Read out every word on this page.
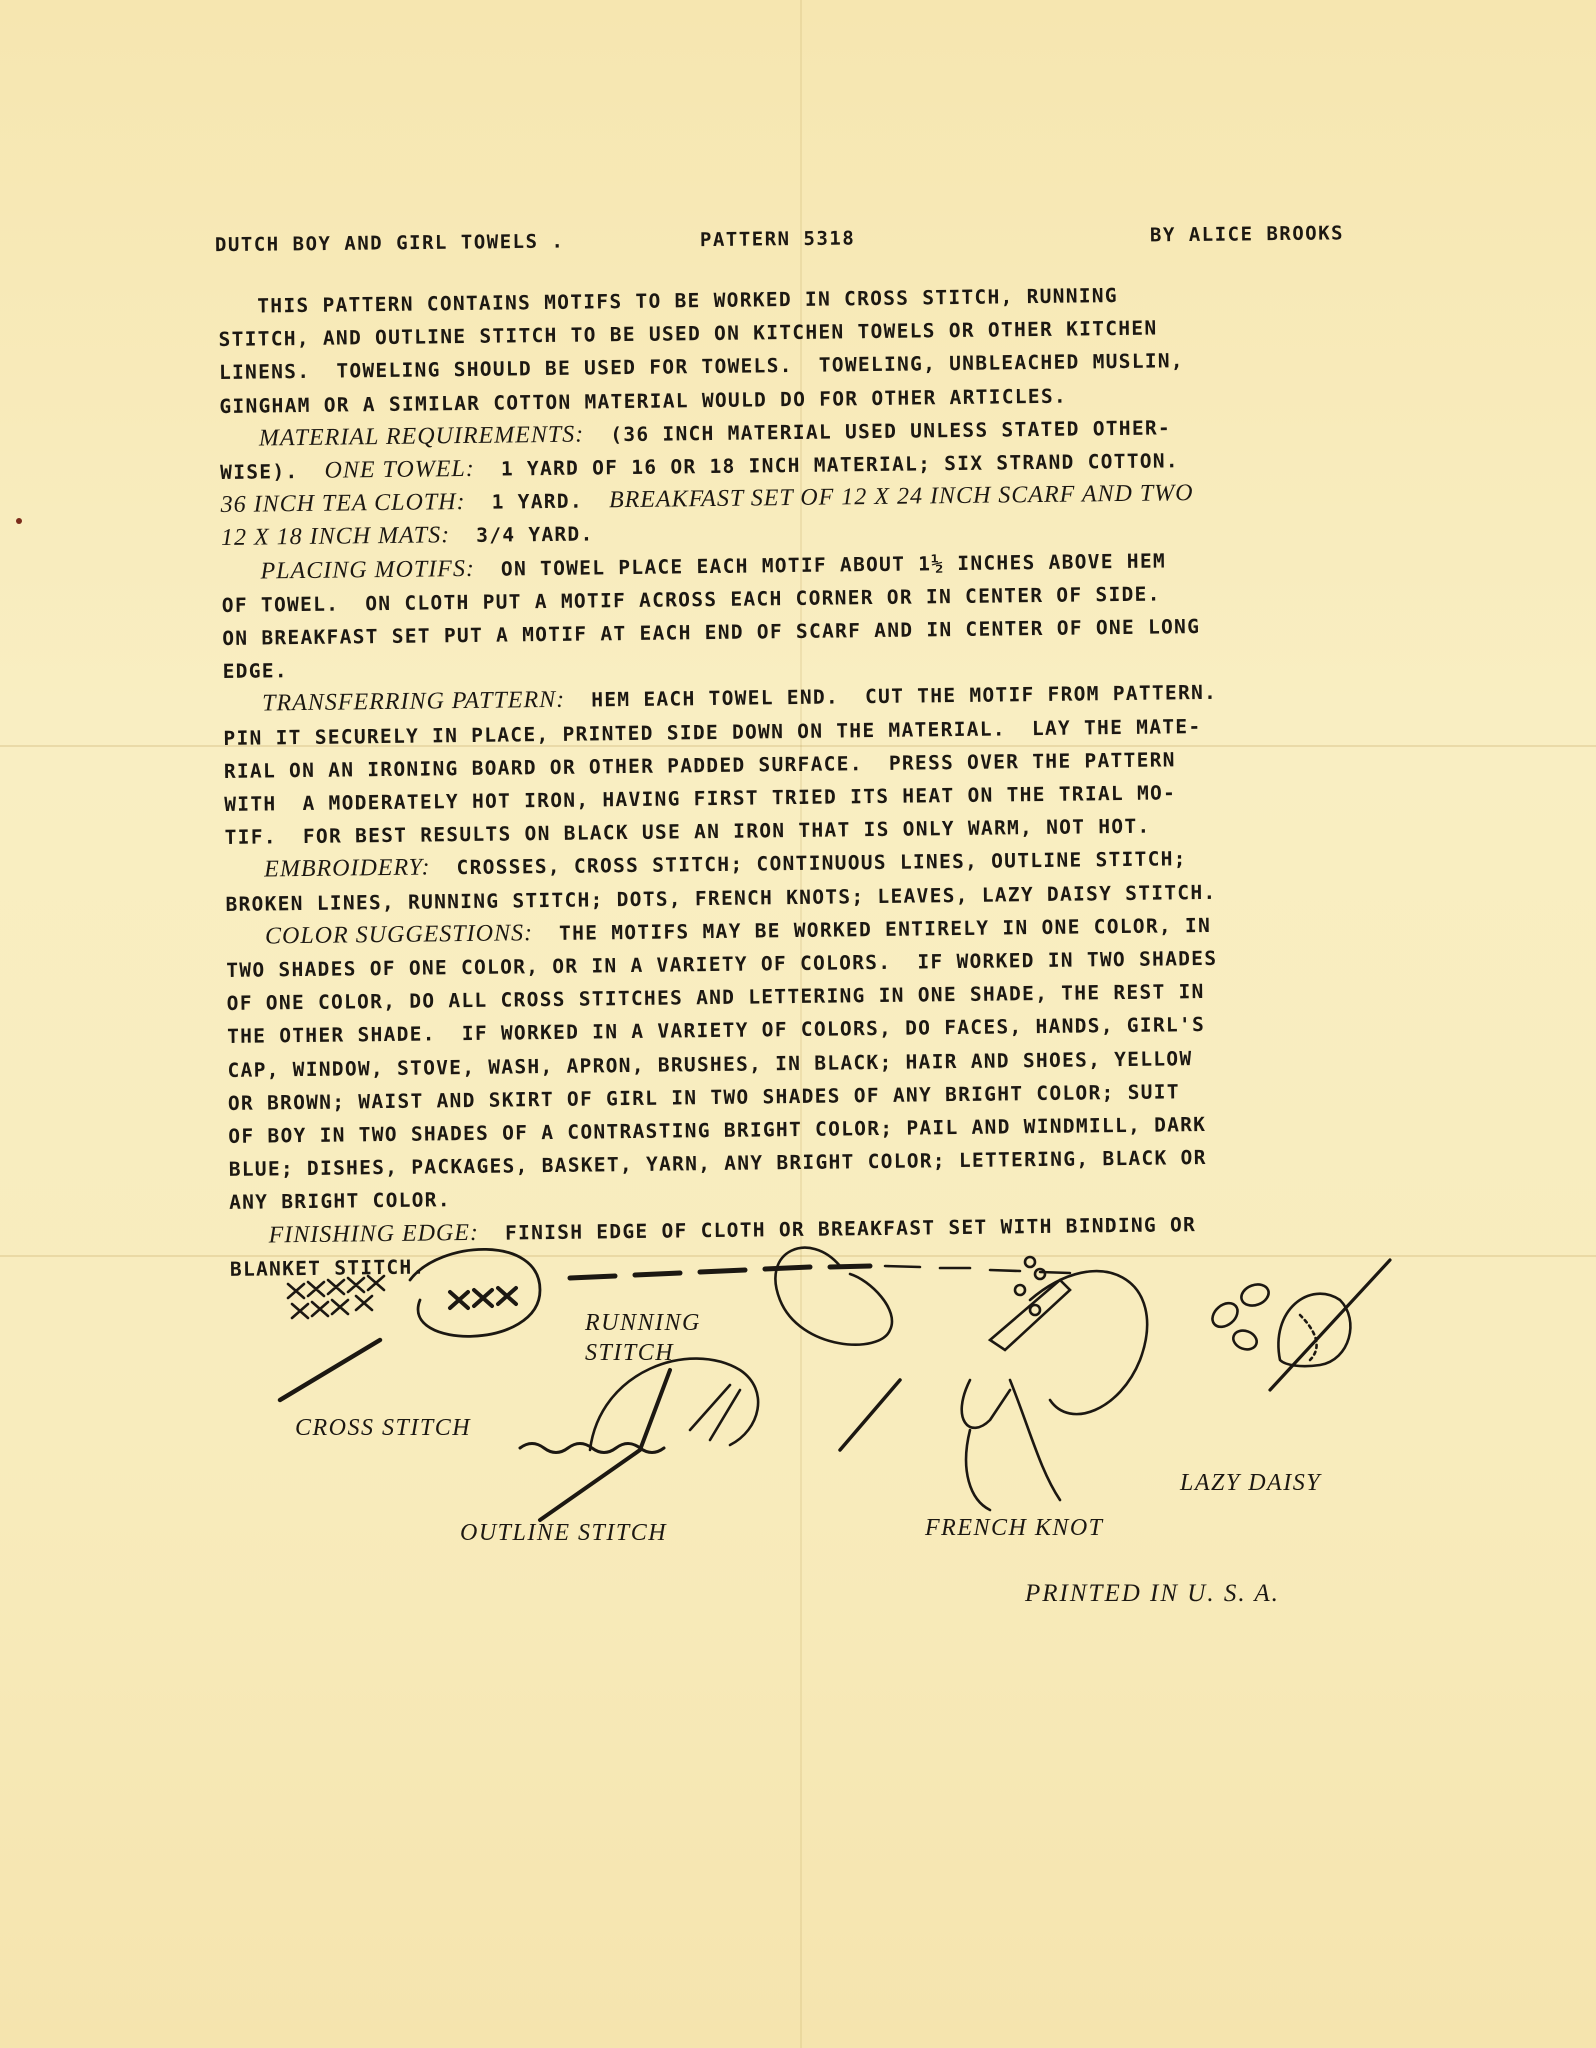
DUTCH BOY AND GIRL TOWELS .	PATTERN 5318	BY ALICE BROOKS
THIS PATTERN CONTAINS MOTIFS TO BE WORKED IN CROSS STITCH, RUNNING
STITCH, AND OUTLINE STITCH TO BE USED ON KITCHEN TOWELS OR OTHER KITCHEN
LINENS.  TOWELING SHOULD BE USED FOR TOWELS.  TOWELING, UNBLEACHED MUSLIN,
GINGHAM OR A SIMILAR COTTON MATERIAL WOULD DO FOR OTHER ARTICLES.
MATERIAL REQUIREMENTS:  (36 INCH MATERIAL USED UNLESS STATED OTHER-
WISE).  ONE TOWEL:  1 YARD OF 16 OR 18 INCH MATERIAL; SIX STRAND COTTON.
36 INCH TEA CLOTH:  1 YARD.  BREAKFAST SET OF 12 X 24 INCH SCARF AND TWO
12 X 18 INCH MATS:  3/4 YARD.
PLACING MOTIFS:  ON TOWEL PLACE EACH MOTIF ABOUT 1½ INCHES ABOVE HEM
OF TOWEL.  ON CLOTH PUT A MOTIF ACROSS EACH CORNER OR IN CENTER OF SIDE.
ON BREAKFAST SET PUT A MOTIF AT EACH END OF SCARF AND IN CENTER OF ONE LONG
EDGE.
TRANSFERRING PATTERN:  HEM EACH TOWEL END.  CUT THE MOTIF FROM PATTERN.
PIN IT SECURELY IN PLACE, PRINTED SIDE DOWN ON THE MATERIAL.  LAY THE MATE-
RIAL ON AN IRONING BOARD OR OTHER PADDED SURFACE.  PRESS OVER THE PATTERN
WITH  A MODERATELY HOT IRON, HAVING FIRST TRIED ITS HEAT ON THE TRIAL MO-
TIF.  FOR BEST RESULTS ON BLACK USE AN IRON THAT IS ONLY WARM, NOT HOT.
EMBROIDERY:  CROSSES, CROSS STITCH; CONTINUOUS LINES, OUTLINE STITCH;
BROKEN LINES, RUNNING STITCH; DOTS, FRENCH KNOTS; LEAVES, LAZY DAISY STITCH.
COLOR SUGGESTIONS:  THE MOTIFS MAY BE WORKED ENTIRELY IN ONE COLOR, IN
TWO SHADES OF ONE COLOR, OR IN A VARIETY OF COLORS.  IF WORKED IN TWO SHADES
OF ONE COLOR, DO ALL CROSS STITCHES AND LETTERING IN ONE SHADE, THE REST IN
THE OTHER SHADE.  IF WORKED IN A VARIETY OF COLORS, DO FACES, HANDS, GIRL'S
CAP, WINDOW, STOVE, WASH, APRON, BRUSHES, IN BLACK; HAIR AND SHOES, YELLOW
OR BROWN; WAIST AND SKIRT OF GIRL IN TWO SHADES OF ANY BRIGHT COLOR; SUIT
OF BOY IN TWO SHADES OF A CONTRASTING BRIGHT COLOR; PAIL AND WINDMILL, DARK
BLUE; DISHES, PACKAGES, BASKET, YARN, ANY BRIGHT COLOR; LETTERING, BLACK OR
ANY BRIGHT COLOR.
FINISHING EDGE:  FINISH EDGE OF CLOTH OR BREAKFAST SET WITH BINDING OR
BLANKET STITCH.
CROSS STITCH
RUNNING
STITCH
OUTLINE STITCH	FRENCH KNOT
LAZY DAISY
PRINTED IN U. S. A.
